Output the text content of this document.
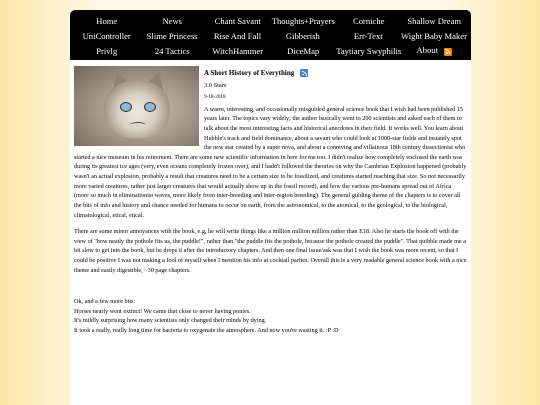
Home	News	Chant Savant	Thoughts+Prayers	Corniche	Shallow Dream
UniController	Slime Princess	Rise And Fall	Gibberish	Err-Text	Wight Baby Maker
Privlg	24 Tactics	WitchHammer	DiceMap	Taytiary Swyphilis	About
A Short History of Everything
3.0 Stars
9-18-2018

A warm, interesting, and occasionally misguided general science book that I wish had been published 15 years later. The topics vary widely; the author basically went to 200 scientists and asked each of them to talk about the most interesting facts and historical anecdotes in their field. It works well. You learn about Hubble's track and field dominance, about a savant who could look at 1000-star fields and instantly spot the new star created by a super nova, and about a conniving and villainous 18th century dissectionist who started a nice museum in his retirement. There are some new scientific information in here for me too. I didn't realize how completely enclosed the earth was during its greatest ice ages (very, even oceans completely frozen over), and I hadn't followed the theories on why the Cambrian Explosion happened (probably wasn't an actual explosion, probably a result that creatures need to be a certain size to be fossilized, and creatures started reaching that size. So not necessarily more varied creatures, rather just larger creatures that would actually show up in the fossil record), and how the various pre-humans spread out of Africa (more so much in eliminationist waves, more likely from inter-breeding and inter-region breeding). The general guiding theme of the chapters is to cover all the bits of info and history and chance needed for humans to occur on earth, from the astronomical, to the atomical, to the geological, to the biological, climatological, etical, etical.

There are some minor annoyances with the book, e.g, he will write things like a million million million rather than E18. Also he starts the book off with the view of "how neatly the pothole fits us, the puddle!", rather than "the puddle fits the pothole, because the pothole created the puddle". That quibble made me a bit slow to get into the book, but he drops it after the introductory chapters. And then one final issue/ask was that I wish the book was more recent, so that I could be positive I was not making a fool of myself when I mention his info at cocktail parties. Overall this is a very readable general science book with a nice theme and easily digestible, ~30 page chapters.

Ok, and a few more bits:
Horses nearly went extinct! We came that close to never having ponies.
It's mildly surprising how many scientists only changed their minds by dying.
It took a really, really long time for bacteria to oxygenate the atmosphere. And now you're wasting it. :P :D
